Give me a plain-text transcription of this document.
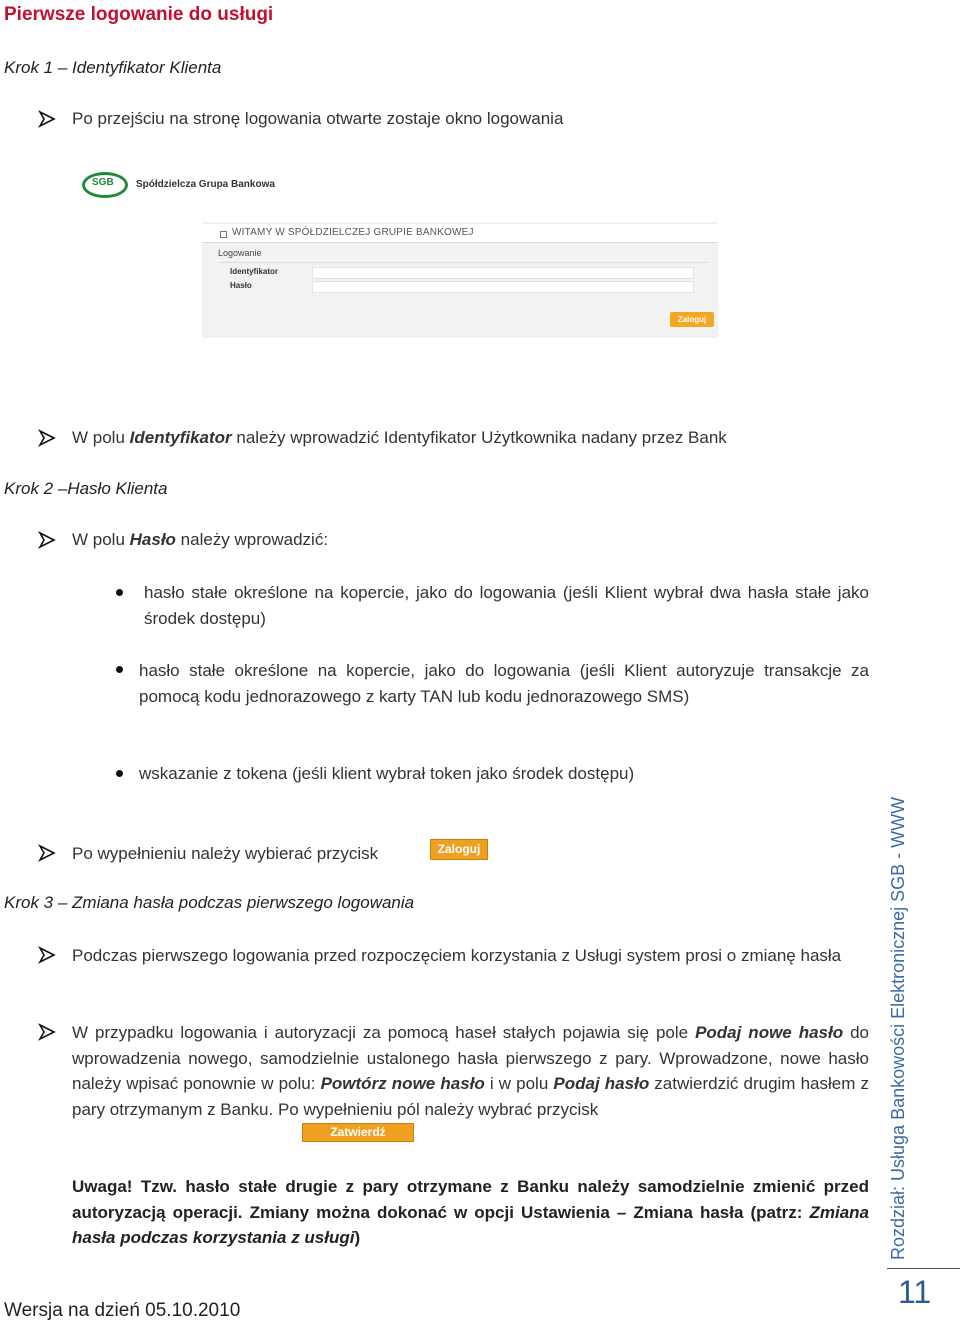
Pierwsze logowanie do usługi
Krok 1 – Identyfikator Klienta
Po przejściu na stronę logowania otwarte zostaje okno logowania
SGB Spółdzielcza Grupa Bankowa
WITAMY W SPÓŁDZIELCZEJ GRUPIE BANKOWEJ
Logowanie
Identyfikator
Hasło
Zaloguj
W polu Identyfikator należy wprowadzić Identyfikator Użytkownika nadany przez Bank
Krok 2 –Hasło Klienta
W polu Hasło należy wprowadzić:
hasło stałe określone na kopercie, jako do logowania (jeśli Klient wybrał dwa hasła stałe jako środek dostępu)
hasło stałe określone na kopercie, jako do logowania (jeśli Klient autoryzuje transakcje za pomocą kodu jednorazowego z karty TAN lub kodu jednorazowego SMS)
wskazanie z tokena (jeśli klient wybrał token jako środek dostępu)
Po wypełnieniu należy wybierać przycisk	Zaloguj
Krok 3 – Zmiana hasła podczas pierwszego logowania
Podczas pierwszego logowania przed rozpoczęciem korzystania z Usługi system prosi o zmianę hasła
W przypadku logowania i autoryzacji za pomocą haseł stałych pojawia się pole Podaj nowe hasło do wprowadzenia nowego, samodzielnie ustalonego hasła pierwszego z pary. Wprowadzone, nowe hasło należy wpisać ponownie w polu: Powtórz nowe hasło i w polu Podaj hasło zatwierdzić drugim hasłem z pary otrzymanym z Banku. Po wypełnieniu pól należy wybrać przycisk
Zatwierdź
Uwaga! Tzw. hasło stałe drugie z pary otrzymane z Banku należy samodzielnie zmienić przed autoryzacją operacji. Zmiany można dokonać w opcji Ustawienia – Zmiana hasła (patrz: Zmiana hasła podczas korzystania z usługi)	Rozdział: Usługa Bankowości Elektronicznej SGB - WWW
11
Wersja na dzień 05.10.2010
